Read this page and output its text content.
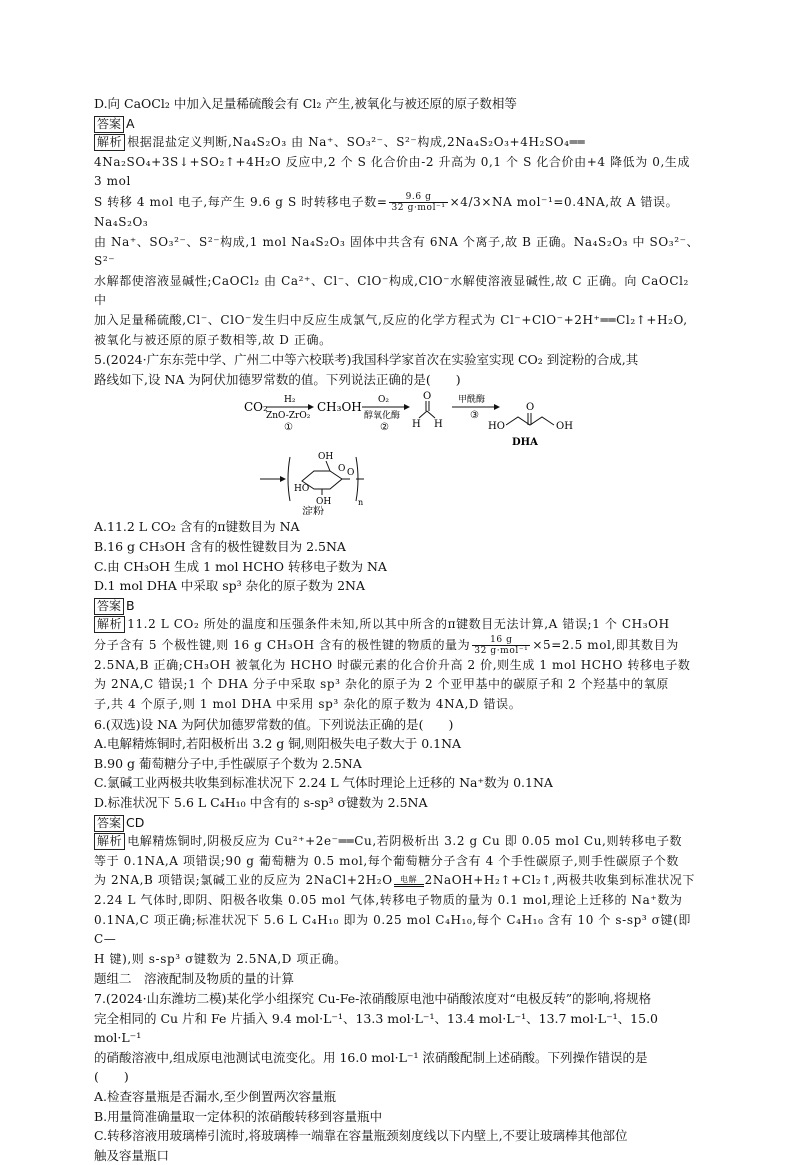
D.向 CaOCl₂ 中加入足量稀硫酸会有 Cl₂ 产生,被氧化与被还原的原子数相等

答案 A

解析 根据混盐定义判断,Na₄S₂O₃ 由 Na⁺、SO₃²⁻、S²⁻构成,2Na₄S₂O₃+4H₂SO₄══
4Na₂SO₄+3S↓+SO₂↑+4H₂O 反应中,2 个 S 化合价由-2 升高为 0,1 个 S 化合价由+4 降低为 0,生成 3 mol
S 转移 4 mol 电子,每产生 9.6 g S 时转移电子数=	9.6 g
32 g·mol⁻¹ ×4/3×NA mol⁻¹=0.4NA,故 A 错误。Na₄S₂O₃
由 Na⁺、SO₃²⁻、S²⁻构成,1 mol Na₄S₂O₃ 固体中共含有 6NA 个离子,故 B 正确。Na₄S₂O₃ 中 SO₃²⁻、S²⁻
水解都使溶液显碱性;CaOCl₂ 由 Ca²⁺、Cl⁻、ClO⁻构成,ClO⁻水解使溶液显碱性,故 C 正确。向 CaOCl₂ 中
加入足量稀硫酸,Cl⁻、ClO⁻发生归中反应生成氯气,反应的化学方程式为 Cl⁻+ClO⁻+2H⁺══Cl₂↑+H₂O,
被氧化与被还原的原子数相等,故 D 正确。

5.(2024·广东东莞中学、广州二中等六校联考)我国科学家首次在实验室实现 CO₂ 到淀粉的合成,其
路线如下,设 NA 为阿伏加德罗常数的值。下列说法正确的是(　　)

CO₂ H₂
ZnO-ZrO₂
①
CH₃OH O₂
醇氧化酶
②
O
H H
甲酰酶
③
HO
O
OH
DHA
OH
O
HO
OH
O
n
淀粉

A.11.2 L CO₂ 含有的π键数目为 NA

B.16 g CH₃OH 含有的极性键数目为 2.5NA

C.由 CH₃OH 生成 1 mol HCHO 转移电子数为 NA

D.1 mol DHA 中采取 sp³ 杂化的原子数为 2NA

答案 B

解析 11.2 L CO₂ 所处的温度和压强条件未知,所以其中所含的π键数目无法计算,A 错误;1 个 CH₃OH
分子含有 5 个极性键,则 16 g CH₃OH 含有的极性键的物质的量为	16 g
32 g·mol⁻¹ ×5=2.5 mol,即其数目为
2.5NA,B 正确;CH₃OH 被氧化为 HCHO 时碳元素的化合价升高 2 价,则生成 1 mol HCHO 转移电子数
为 2NA,C 错误;1 个 DHA 分子中采取 sp³ 杂化的原子为 2 个亚甲基中的碳原子和 2 个羟基中的氧原
子,共 4 个原子,则 1 mol DHA 中采用 sp³ 杂化的原子数为 4NA,D 错误。

6.(双选)设 NA 为阿伏加德罗常数的值。下列说法正确的是(　　)

A.电解精炼铜时,若阳极析出 3.2 g 铜,则阳极失电子数大于 0.1NA

B.90 g 葡萄糖分子中,手性碳原子个数为 2.5NA

C.氯碱工业两极共收集到标准状况下 2.24 L 气体时理论上迁移的 Na⁺数为 0.1NA

D.标准状况下 5.6 L C₄H₁₀ 中含有的 s-sp³ σ键数为 2.5NA

答案 CD

解析 电解精炼铜时,阴极反应为 Cu²⁺+2e⁻══Cu,若阴极析出 3.2 g Cu 即 0.05 mol Cu,则转移电子数
等于 0.1NA,A 项错误;90 g 葡萄糖为 0.5 mol,每个葡萄糖分子含有 4 个手性碳原子,则手性碳原子个数
为 2NA,B 项错误;氯碱工业的反应为 2NaCl+2H₂O 电解 2NaOH+H₂↑+Cl₂↑,两极共收集到标准状况下
2.24 L 气体时,即阴、阳极各收集 0.05 mol 气体,转移电子物质的量为 0.1 mol,理论上迁移的 Na⁺数为
0.1NA,C 项正确;标准状况下 5.6 L C₄H₁₀ 即为 0.25 mol C₄H₁₀,每个 C₄H₁₀ 含有 10 个 s-sp³ σ键(即 C—
H 键),则 s-sp³ σ键数为 2.5NA,D 项正确。

题组二　溶液配制及物质的量的计算

7.(2024·山东潍坊二模)某化学小组探究 Cu-Fe-浓硝酸原电池中硝酸浓度对“电极反转”的影响,将规格
完全相同的 Cu 片和 Fe 片插入 9.4 mol·L⁻¹、13.3 mol·L⁻¹、13.4 mol·L⁻¹、13.7 mol·L⁻¹、15.0 mol·L⁻¹
的硝酸溶液中,组成原电池测试电流变化。用 16.0 mol·L⁻¹ 浓硝酸配制上述硝酸。下列操作错误的是
(　　)

A.检查容量瓶是否漏水,至少倒置两次容量瓶

B.用量筒准确量取一定体积的浓硝酸转移到容量瓶中

C.转移溶液用玻璃棒引流时,将玻璃棒一端靠在容量瓶颈刻度线以下内壁上,不要让玻璃棒其他部位
触及容量瓶口
